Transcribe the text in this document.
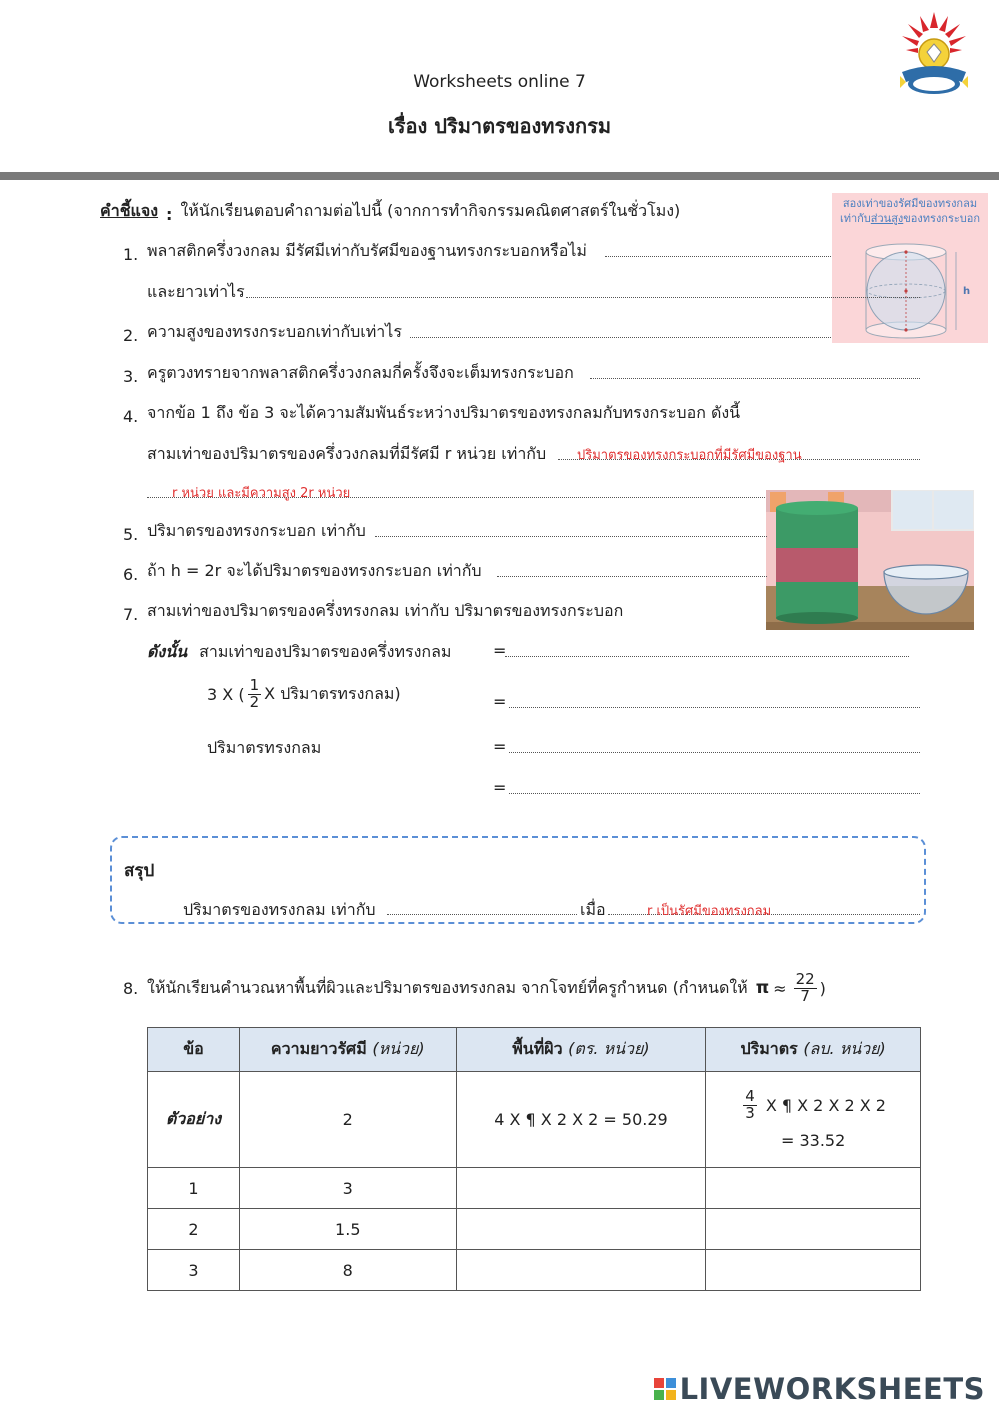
Worksheets online 7
เรื่อง ปริมาตรของทรงกรม
คำชี้แจง : ให้นักเรียนตอบคำถามต่อไปนี้ (จากการทำกิจกรรมคณิตศาสตร์ในชั่วโมง)	สองเท่าของรัศมีของทรงกลม
เท่ากับส่วนสูงของทรงกระบอก
h
1. พลาสติกครึ่งวงกลม มีรัศมีเท่ากับรัศมีของฐานทรงกระบอกหรือไม่
และยาวเท่าไร
2. ความสูงของทรงกระบอกเท่ากับเท่าไร
3. ครูตวงทรายจากพลาสติกครึ่งวงกลมกี่ครั้งจึงจะเต็มทรงกระบอก
4. จากข้อ 1 ถึง ข้อ 3 จะได้ความสัมพันธ์ระหว่างปริมาตรของทรงกลมกับทรงกระบอก ดังนี้
สามเท่าของปริมาตรของครึ่งวงกลมที่มีรัศมี r หน่วย เท่ากับ ปริมาตรของทรงกระบอกที่มีรัศมีของฐาน
r หน่วย และมีความสูง 2r หน่วย
5. ปริมาตรของทรงกระบอก เท่ากับ
6. ถ้า h = 2r จะได้ปริมาตรของทรงกระบอก เท่ากับ
7. สามเท่าของปริมาตรของครึ่งทรงกลม เท่ากับ ปริมาตรของทรงกระบอก
ดังนั้น สามเท่าของปริมาตรของครึ่งทรงกลม	=
3 X ( $\frac{1}{2}$ X ปริมาตรทรงกลม)	=
ปริมาตรทรงกลม	=
=
สรุป
ปริมาตรของทรงกลม เท่ากับ	เมื่อ	r เป็นรัศมีของทรงกลม
8. ให้นักเรียนคำนวณหาพื้นที่ผิวและปริมาตรของทรงกลม จากโจทย์ที่ครูกำหนด (กำหนดให้ $\pi \approx \frac{22}{7}$ )
ข้อ	ความยาวรัศมี (หน่วย)	พื้นที่ผิว (ตร. หน่วย)	ปริมาตร (ลบ. หน่วย)
ตัวอย่าง	2	4 X ¶ X 2 X 2 = 50.29	$\frac{4}{3}$ X ¶ X 2 X 2 X 2
= 33.52

1	3		
2	1.5		
3	8		
LIVEWORKSHEETS
